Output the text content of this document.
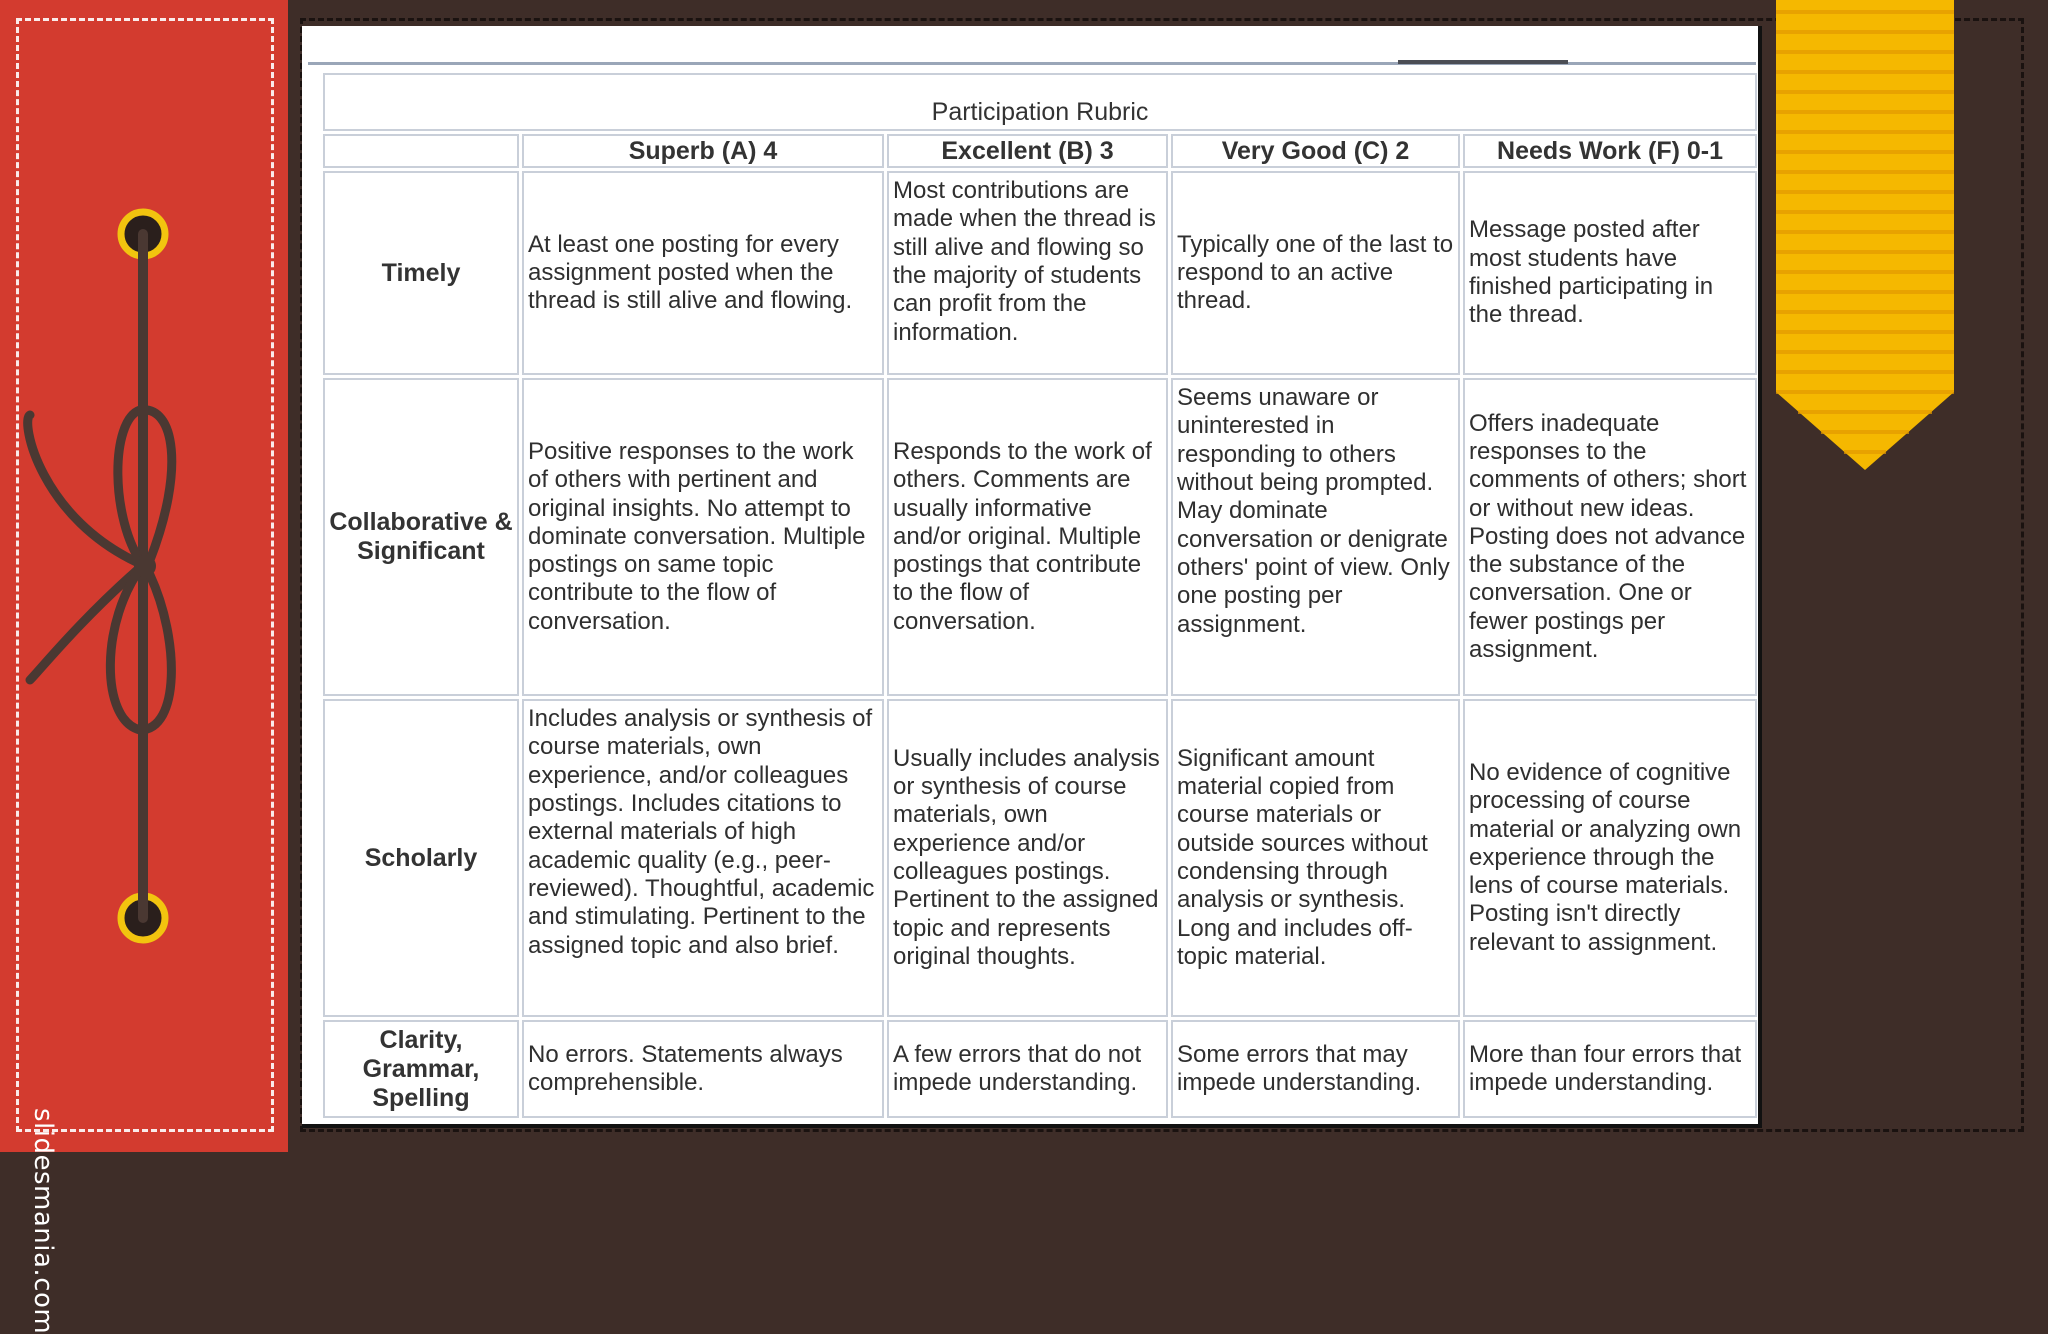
slidesmania.com
Participation Rubric				
	Superb (A) 4	Excellent (B) 3	Very Good (C) 2	Needs Work (F) 0-1
Timely	At least one posting for every assignment posted when the thread is still alive and flowing.	Most contributions are made when the thread is still alive and flowing so the majority of students can profit from the information.	Typically one of the last to respond to an active thread.	Message posted after most students have finished participating in the thread.
Collaborative & Significant	Positive responses to the work of others with pertinent and original insights. No attempt to dominate conversation. Multiple postings on same topic contribute to the flow of conversation.	Responds to the work of others. Comments are usually informative and/or original. Multiple postings that contribute to the flow of conversation.	Seems unaware or uninterested in responding to others without being prompted. May dominate conversation or denigrate others' point of view. Only one posting per assignment.	Offers inadequate responses to the comments of others; short or without new ideas. Posting does not advance the substance of the conversation. One or fewer postings per assignment.
Scholarly	Includes analysis or synthesis of course materials, own experience, and/or colleagues postings. Includes citations to external materials of high academic quality (e.g., peer-reviewed). Thoughtful, academic and stimulating. Pertinent to the assigned topic and also brief.	Usually includes analysis or synthesis of course materials, own experience and/or colleagues postings. Pertinent to the assigned topic and represents original thoughts.	Significant amount material copied from course materials or outside sources without condensing through analysis or synthesis. Long and includes off-topic material.	No evidence of cognitive processing of course material or analyzing own experience through the lens of course materials. Posting isn't directly relevant to assignment.
Clarity, Grammar, Spelling	No errors. Statements always comprehensible.	A few errors that do not impede understanding.	Some errors that may impede understanding.	More than four errors that impede understanding.
